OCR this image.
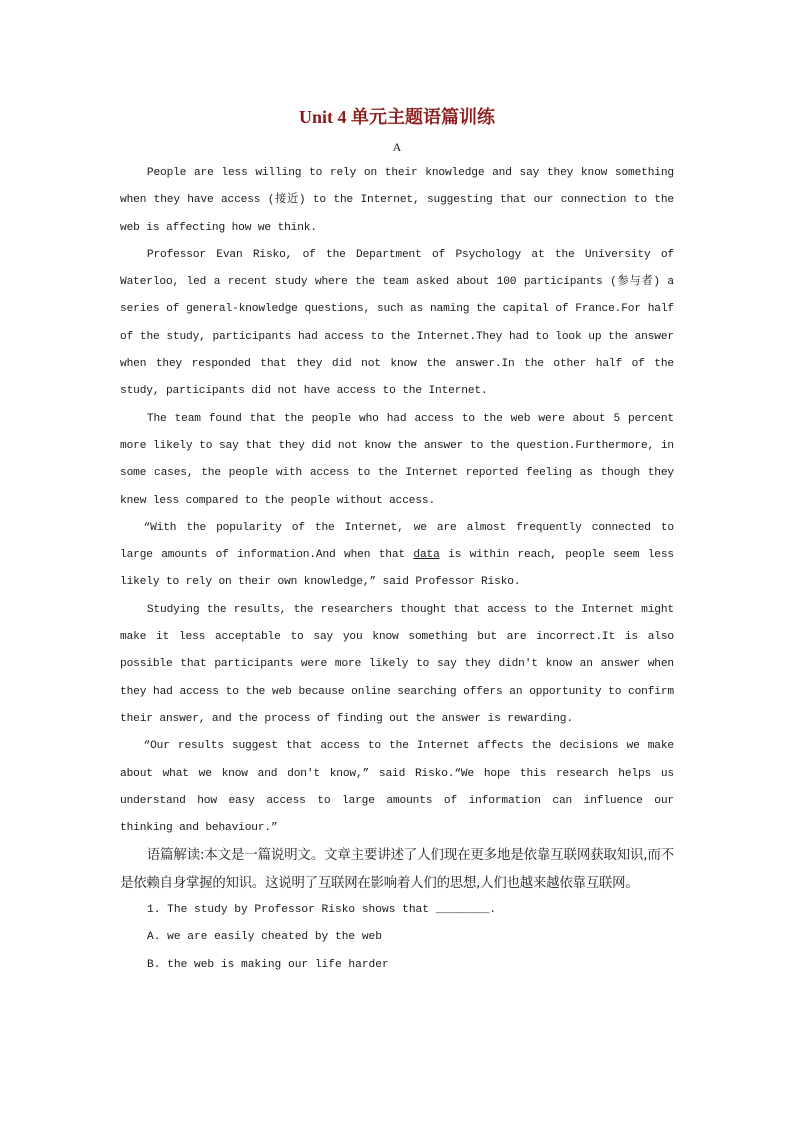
Unit 4 单元主题语篇训练
A

People are less willing to rely on their knowledge and say they know something when they have access (接近) to the Internet, suggesting that our connection to the web is affecting how we think.

Professor Evan Risko, of the Department of Psychology at the University of Waterloo, led a recent study where the team asked about 100 participants (参与者) a series of general-knowledge questions, such as naming the capital of France.For half of the study, participants had access to the Internet.They had to look up the answer when they responded that they did not know the answer.In the other half of the study, participants did not have access to the Internet.

The team found that the people who had access to the web were about 5 percent more likely to say that they did not know the answer to the question.Furthermore, in some cases, the people with access to the Internet reported feeling as though they knew less compared to the people without access.

“With the popularity of the Internet, we are almost frequently connected to large amounts of information.And when that data is within reach, people seem less likely to rely on their own knowledge,” said Professor Risko.

Studying the results, the researchers thought that access to the Internet might make it less acceptable to say you know something but are incorrect.It is also possible that participants were more likely to say they didn't know an answer when they had access to the web because online searching offers an opportunity to confirm their answer, and the process of finding out the answer is rewarding.

“Our results suggest that access to the Internet affects the decisions we make about what we know and don't know,” said Risko.“We hope this research helps us understand how easy access to large amounts of information can influence our thinking and behaviour.”

语篇解读:本文是一篇说明文。文章主要讲述了人们现在更多地是依靠互联网获取知识,而不是依赖自身掌握的知识。这说明了互联网在影响着人们的思想,人们也越来越依靠互联网。

1. The study by Professor Risko shows that ________.

A. we are easily cheated by the web

B. the web is making our life harder
